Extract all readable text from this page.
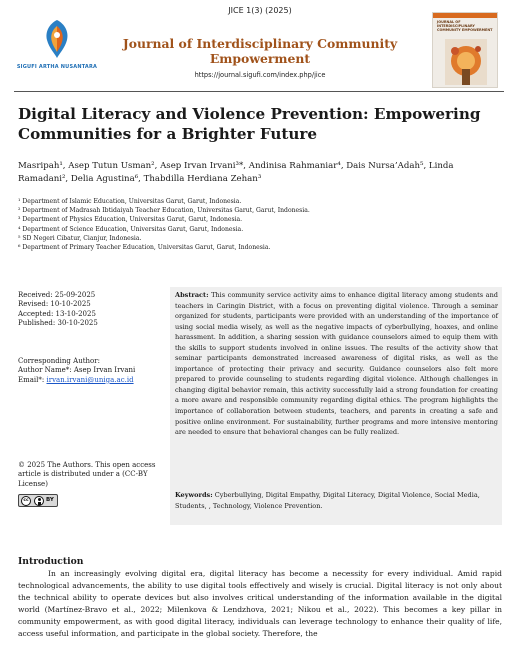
SIGUFI ARTHA NUSANTARA
JICE 1(3) (2025)
Journal of Interdisciplinary Community Empowerment
https://journal.sigufi.com/index.php/jice
JOURNAL OF INTERDISCIPLINARY COMMUNITY EMPOWERMENT
Digital Literacy and Violence Prevention: Empowering Communities for a Brighter Future
Masripah¹, Asep Tutun Usman², Asep Irvan Irvani³*, Andinisa Rahmaniar⁴, Dais Nursa’Adah⁵, Linda Ramadani², Delia Agustina⁶, Thabdilla Herdiana Zehan³
¹ Department of Islamic Education, Universitas Garut, Garut, Indonesia.
² Department of Madrasah Ibtidaiyah Teacher Education, Universitas Garut, Garut, Indonesia.
³ Department of Physics Education, Universitas Garut, Garut, Indonesia.
⁴ Department of Science Education, Universitas Garut, Garut, Indonesia.
⁵ SD Negeri Cibatur, Cianjur, Indonesia.
⁶ Department of Primary Teacher Education, Universitas Garut, Garut, Indonesia.
Received: 25-09-2025
Revised: 10-10-2025
Accepted: 13-10-2025
Published: 30-10-2025
Corresponding Author:
Author Name*: Asep Irvan Irvani
Email*: irvan.irvani@uniga.ac.id
© 2025 The Authors. This open access article is distributed under a (CC-BY License)
cc	BY
Abstract: This community service activity aims to enhance digital literacy among students and teachers in Caringin District, with a focus on preventing digital violence. Through a seminar organized for students, participants were provided with an understanding of the importance of using social media wisely, as well as the negative impacts of cyberbullying, hoaxes, and online harassment. In addition, a sharing session with guidance counselors aimed to equip them with the skills to support students involved in online issues. The results of the activity show that seminar participants demonstrated increased awareness of digital risks, as well as the importance of protecting their privacy and security. Guidance counselors also felt more prepared to provide counseling to students regarding digital violence. Although challenges in changing digital behavior remain, this activity successfully laid a strong foundation for creating a more aware and responsible community regarding digital ethics. The program highlights the importance of collaboration between students, teachers, and parents in creating a safe and positive online environment. For sustainability, further programs and more intensive mentoring are needed to ensure that behavioral changes can be fully realized.
Keywords: Cyberbullying, Digital Empathy, Digital Literacy, Digital Violence, Social Media, Students, , Technology, Violence Prevention.
Introduction
In an increasingly evolving digital era, digital literacy has become a necessity for every individual. Amid rapid technological advancements, the ability to use digital tools effectively and wisely is crucial. Digital literacy is not only about the technical ability to operate devices but also involves critical understanding of the information available in the digital world (Martínez-Bravo et al., 2022; Milenkova & Lendzhova, 2021; Nikou et al., 2022). This becomes a key pillar in community empowerment, as with good digital literacy, individuals can leverage technology to enhance their quality of life, access useful information, and participate in the global society. Therefore, the
